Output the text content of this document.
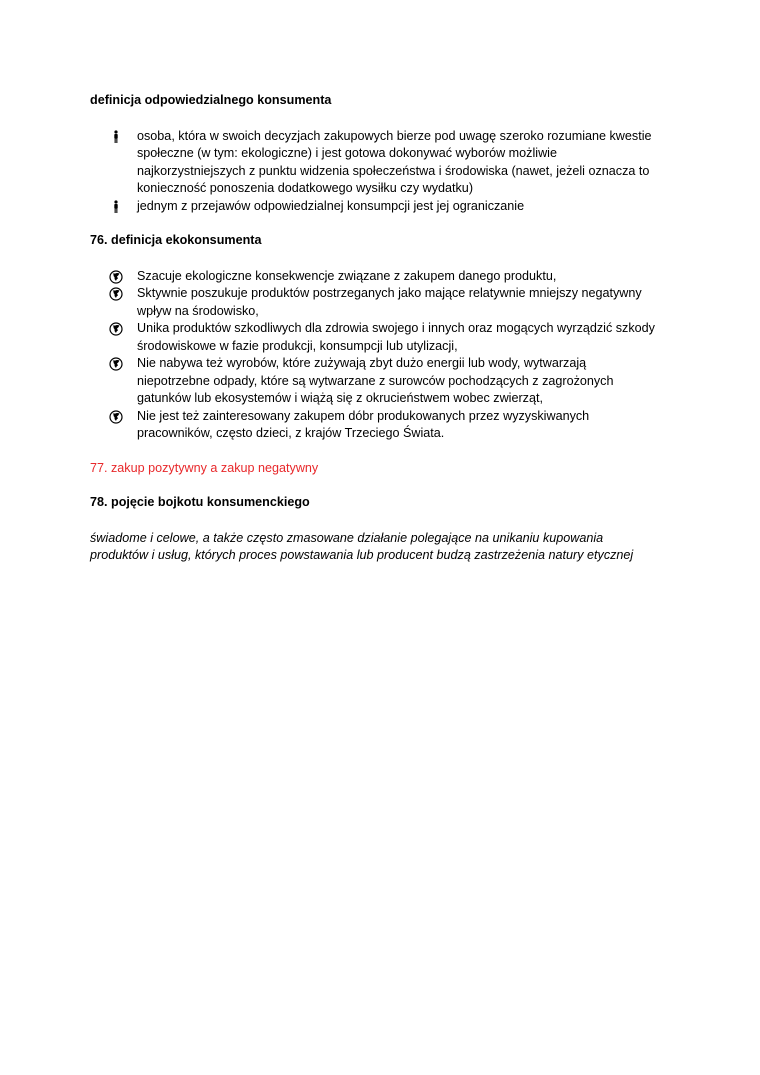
definicja odpowiedzialnego konsumenta

osoba, która w swoich decyzjach zakupowych bierze pod uwagę szeroko rozumiane kwestie
społeczne (w tym: ekologiczne) i jest gotowa dokonywać wyborów możliwie
najkorzystniejszych z punktu widzenia społeczeństwa i środowiska (nawet, jeżeli oznacza to
konieczność ponoszenia dodatkowego wysiłku czy wydatku)
jednym z przejawów odpowiedzialnej konsumpcji jest jej ograniczanie

76. definicja ekokonsumenta

Szacuje ekologiczne konsekwencje związane z zakupem danego produktu,
Sktywnie poszukuje produktów postrzeganych jako mające relatywnie mniejszy negatywny
wpływ na środowisko,
Unika produktów szkodliwych dla zdrowia swojego i innych oraz mogących wyrządzić szkody
środowiskowe w fazie produkcji, konsumpcji lub utylizacji,
Nie nabywa też wyrobów, które zużywają zbyt dużo energii lub wody, wytwarzają
niepotrzebne odpady, które są wytwarzane z surowców pochodzących z zagrożonych
gatunków lub ekosystemów i wiążą się z okrucieństwem wobec zwierząt,
Nie jest też zainteresowany zakupem dóbr produkowanych przez wyzyskiwanych
pracowników, często dzieci, z krajów Trzeciego Świata.

77. zakup pozytywny a zakup negatywny

78. pojęcie bojkotu konsumenckiego

świadome i celowe, a także często zmasowane działanie polegające na unikaniu kupowania
produktów i usług, których proces powstawania lub producent budzą zastrzeżenia natury etycznej
